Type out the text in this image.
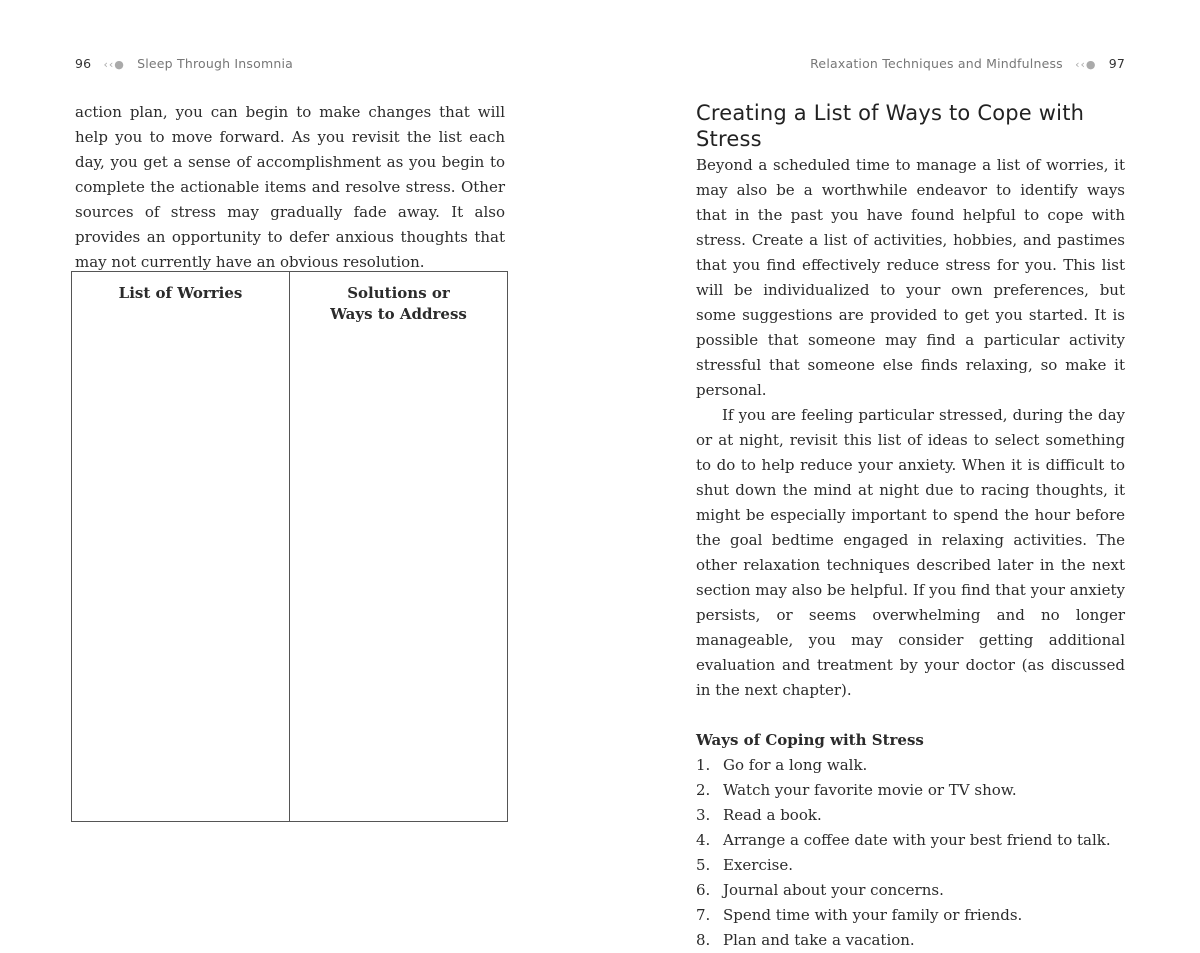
96 ‹‹● Sleep Through Insomnia	Relaxation Techniques and Mindfulness ‹‹● 97

action plan, you can begin to make changes that will help you to move forward. As you revisit the list each day, you get a sense of accomplishment as you begin to complete the actionable items and resolve stress. Other sources of stress may gradually fade away. It also provides an opportunity to defer anxious thoughts that may not currently have an obvious resolution.

List of Worries	Solutions or Ways to Address
Creating a List of Ways to Cope with Stress

Beyond a scheduled time to manage a list of worries, it may also be a worthwhile endeavor to identify ways that in the past you have found helpful to cope with stress. Create a list of activities, hobbies, and pastimes that you find effectively reduce stress for you. This list will be individualized to your own preferences, but some suggestions are provided to get you started. It is possible that someone may find a particular activity stressful that someone else finds relaxing, so make it personal.

If you are feeling particular stressed, during the day or at night, revisit this list of ideas to select something to do to help reduce your anxiety. When it is difficult to shut down the mind at night due to racing thoughts, it might be especially important to spend the hour before the goal bedtime engaged in relaxing activities. The other relaxation techniques described later in the next section may also be helpful. If you find that your anxiety persists, or seems overwhelming and no longer manageable, you may consider getting additional evaluation and treatment by your doctor (as discussed in the next chapter).

Ways of Coping with Stress
1. Go for a long walk.
2. Watch your favorite movie or TV show.
3. Read a book.
4. Arrange a coffee date with your best friend to talk.
5. Exercise.
6. Journal about your concerns.
7. Spend time with your family or friends.
8. Plan and take a vacation.
